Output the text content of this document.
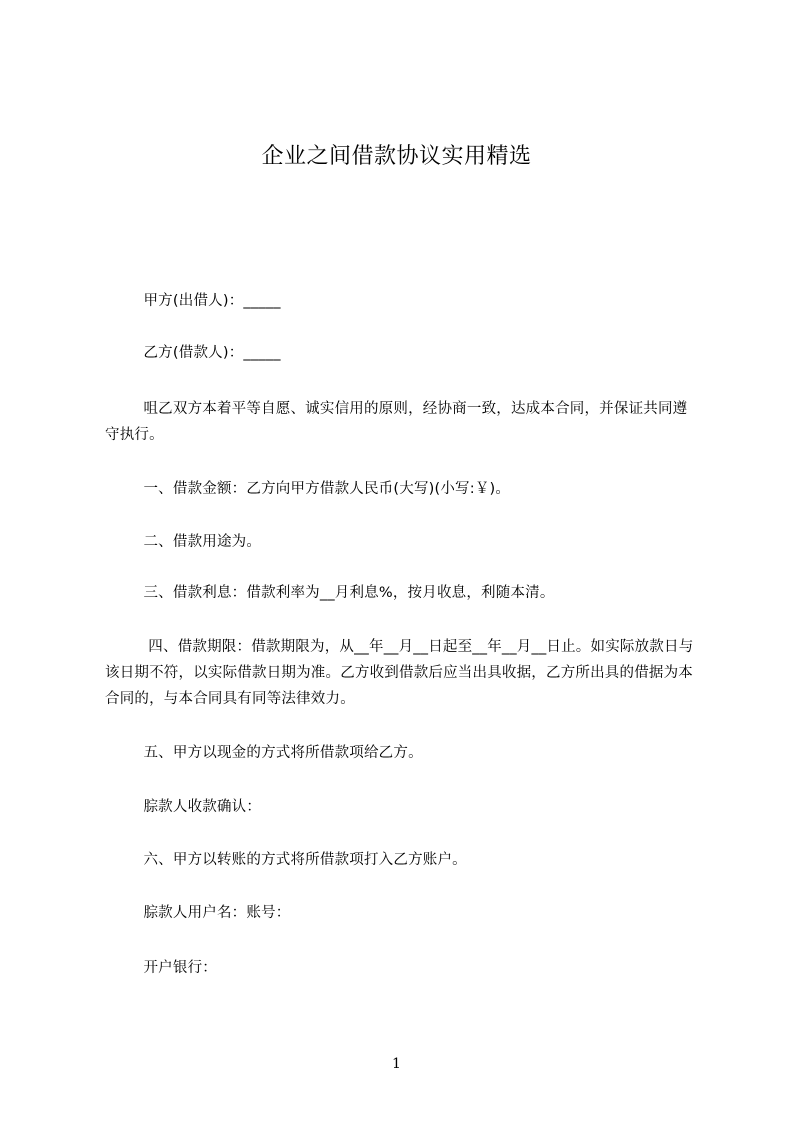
企业之间借款协议实用精选
甲方(出借人)：_____
乙方(借款人)：_____
咀乙双方本着平等自愿、诚实信用的原则，经协商一致，达成本合同，并保证共同遵守执行。
一、借款金额：乙方向甲方借款人民币(大写)(小写:￥)。
二、借款用途为。
三、借款利息：借款利率为__月利息%，按月收息，利随本清。
四、借款期限：借款期限为，从__年__月__日起至__年__月__日止。如实际放款日与该日期不符，以实际借款日期为准。乙方收到借款后应当出具收据，乙方所出具的借据为本合同的，与本合同具有同等法律效力。
五、甲方以现金的方式将所借款项给乙方。
腙款人收款确认：
六、甲方以转账的方式将所借款项打入乙方账户。
腙款人用户名：账号：
开户银行：
1
